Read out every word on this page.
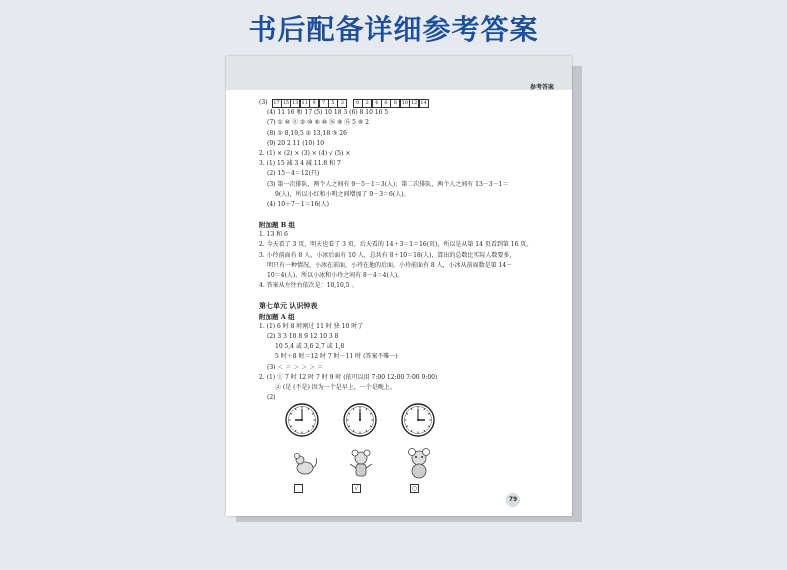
书后配备详细参考答案
参考答案
(3)	17 15 13 11 9 7 5 3	0 2 4 6 8 10 12 14
(4) 11 16 和 17 (5) 10 18 3 (6) 8 10 16 5
(7) ① ⑩ ⑪ ② ⑩ ⑥ ⑩ ⑯ ⑨ ⑮ 5 ⑧ 2
(8) ① 8,19,5 ② 13,18 ③ 26
(9) 20 2 11 (10) 10
2. (1) × (2) × (3) × (4) √ (5) ×
3. (1) 15 减 3 4 减 11.8 和 7
(2) 15－4＝12(只)
(3) 第一次排队，两个人之间有 9－5－1＝3(人)；第二次排队，两个人之间有 13－3－1＝
9(人)，所以小红和小明之间增加了 9－3＝6(人)。
(4) 10＋7－1＝16(人)
附加题 B 组
1. 13 和 6
2. 今天看了 3 页，明天也看了 3 页，后天看的 14＋3＝1＝16(页)，所以是从第 14 页看到第 16 页。
3. 小玲前面有 8 人，小冰后面有 10 人，总共有 8＋10＝18(人)，算出的总数比实际人数要多，
明只有一种情况，小冰在前面，小玲在他的后面。小玲前面有 8 人，小冰从前面数是第 14－
10＝4(人)，所以小冰和小玲之间有 8－4＝4(人)。
4. 答案从左往右依次是：10,10,5 。
第七单元 认识钟表
附加题 A 组
1. (1) 6 时 8 时刚过 11 时 快 10 时了
(2) 3 3 10 8 9 12 10 3 8
10 5,4 或 3,6 2,7 或 1,8
5 时＋8 时＝12 时 7 时－11 时 (答案不唯一)
(3) ＜ ＝ ＞ ＞ ＞ ＝
2. (1) ① 7 时 12 时 7 时 9 时 (依可以用 7:00 12:00 7:00 9:00)
② (是 (不是) 因为一个是早上，一个是晚上。
(2)
√	○
79
